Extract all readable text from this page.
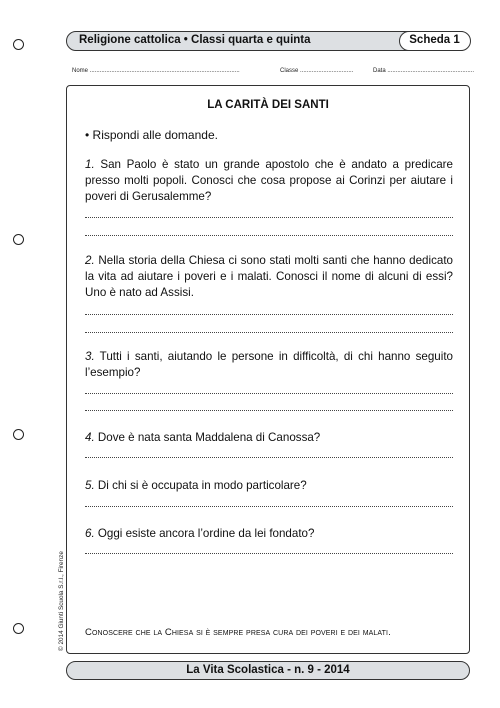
Religione cattolica • Classi quarta e quinta	Scheda 1
Nome ..........................................................................................	Classe ................................	Data ....................................................
LA CARITÀ DEI SANTI
• Rispondi alle domande.
1. San Paolo è stato un grande apostolo che è andato a predicare presso molti popoli. Conosci che cosa propose ai Corinzi per aiutare i poveri di Gerusalemme?
2. Nella storia della Chiesa ci sono stati molti santi che hanno dedicato la vita ad aiutare i poveri e i malati. Conosci il nome di alcuni di essi? Uno è nato ad Assisi.
3. Tutti i santi, aiutando le persone in difficoltà, di chi hanno seguito l’esempio?
4. Dove è nata santa Maddalena di Canossa?
5. Di chi si è occupata in modo particolare?
6. Oggi esiste ancora l’ordine da lei fondato?
Conoscere che la Chiesa si è sempre presa cura dei poveri e dei malati.
© 2014 Giunti Scuola S.r.l., Firenze
La Vita Scolastica - n. 9 - 2014
